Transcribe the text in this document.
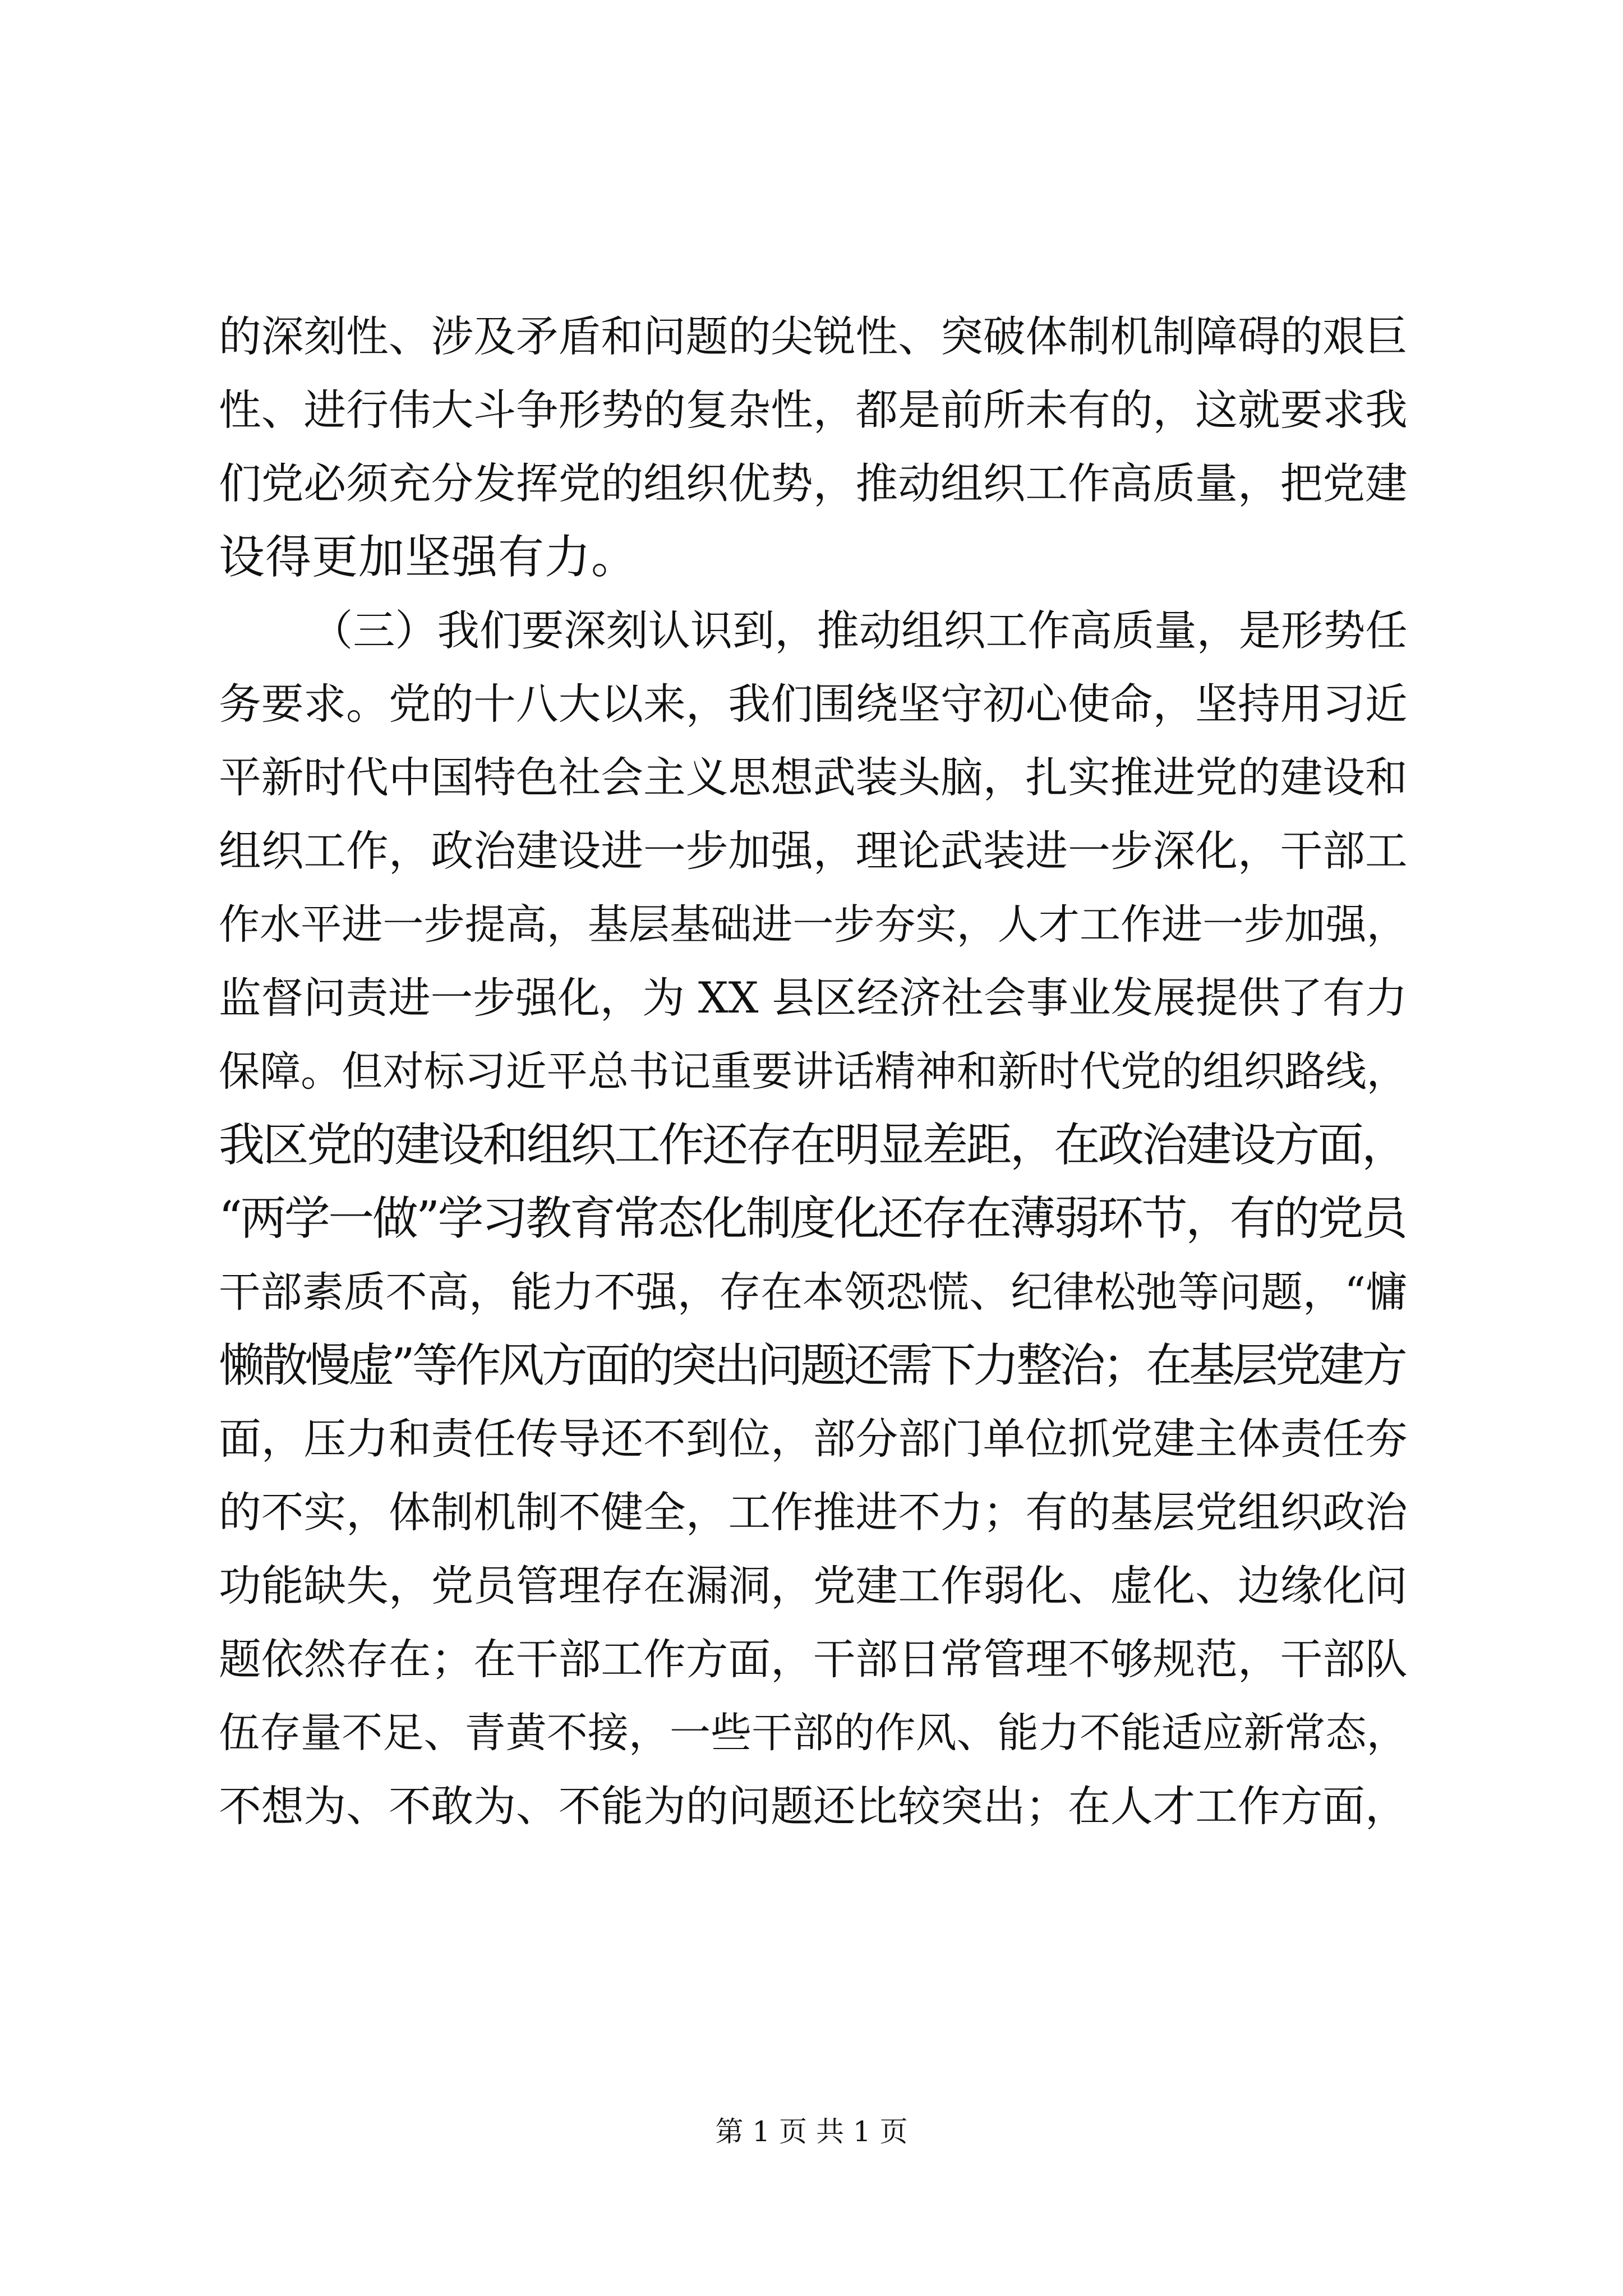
的深刻性、涉及矛盾和问题的尖锐性、突破体制机制障碍的艰巨
性、进行伟大斗争形势的复杂性，都是前所未有的，这就要求我
们党必须充分发挥党的组织优势，推动组织工作高质量，把党建
设得更加坚强有力。
（三）我们要深刻认识到，推动组织工作高质量，是形势任
务要求。党的十八大以来，我们围绕坚守初心使命，坚持用习近
平新时代中国特色社会主义思想武装头脑，扎实推进党的建设和
组织工作，政治建设进一步加强，理论武装进一步深化，干部工
作水平进一步提高，基层基础进一步夯实，人才工作进一步加强，
监督问责进一步强化，为 XX 县区经济社会事业发展提供了有力
保障。但对标习近平总书记重要讲话精神和新时代党的组织路线，
我区党的建设和组织工作还存在明显差距，在政治建设方面，
“两学一做”学习教育常态化制度化还存在薄弱环节，有的党员
干部素质不高，能力不强，存在本领恐慌、纪律松弛等问题，“慵
懒散慢虚”等作风方面的突出问题还需下力整治；在基层党建方
面，压力和责任传导还不到位，部分部门单位抓党建主体责任夯
的不实，体制机制不健全，工作推进不力；有的基层党组织政治
功能缺失，党员管理存在漏洞，党建工作弱化、虚化、边缘化问
题依然存在；在干部工作方面，干部日常管理不够规范，干部队
伍存量不足、青黄不接，一些干部的作风、能力不能适应新常态，
不想为、不敢为、不能为的问题还比较突出；在人才工作方面，
第 1 页 共 1 页
